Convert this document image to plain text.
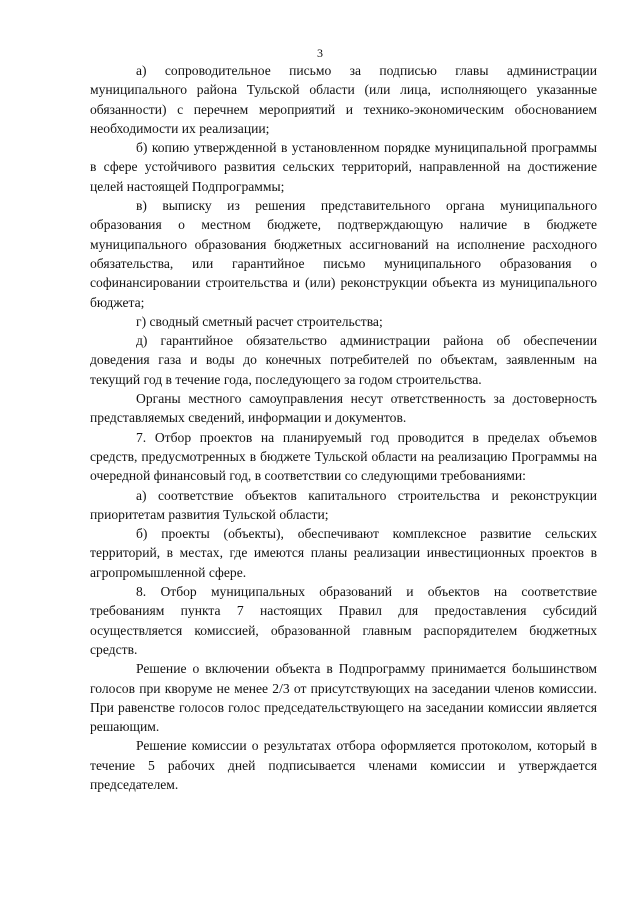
3

а) сопроводительное письмо за подписью главы администрации муниципального района Тульской области (или лица, исполняющего указанные обязанности) с перечнем мероприятий и технико-экономическим обоснованием необходимости их реализации;

б) копию утвержденной в установленном порядке муниципальной программы в сфере устойчивого развития сельских территорий, направленной на достижение целей настоящей Подпрограммы;

в) выписку из решения представительного органа муниципального образования о местном бюджете, подтверждающую наличие в бюджете муниципального образования бюджетных ассигнований на исполнение расходного обязательства, или гарантийное письмо муниципального образования о софинансировании строительства и (или) реконструкции объекта из муниципального бюджета;

г) сводный сметный расчет строительства;

д) гарантийное обязательство администрации района об обеспечении доведения газа и воды до конечных потребителей по объектам, заявленным на текущий год в течение года, последующего за годом строительства.

Органы местного самоуправления несут ответственность за достоверность представляемых сведений, информации и документов.

7. Отбор проектов на планируемый год проводится в пределах объемов средств, предусмотренных в бюджете Тульской области на реализацию Программы на очередной финансовый год, в соответствии со следующими требованиями:

а) соответствие объектов капитального строительства и реконструкции приоритетам развития Тульской области;

б) проекты (объекты), обеспечивают комплексное развитие сельских территорий, в местах, где имеются планы реализации инвестиционных проектов в агропромышленной сфере.

8. Отбор муниципальных образований и объектов на соответствие требованиям пункта 7 настоящих Правил для предоставления субсидий осуществляется комиссией, образованной главным распорядителем бюджетных средств.

Решение о включении объекта в Подпрограмму принимается большинством голосов при кворуме не менее 2/3 от присутствующих на заседании членов комиссии. При равенстве голосов голос председательствующего на заседании комиссии является решающим.

Решение комиссии о результатах отбора оформляется протоколом, который в течение 5 рабочих дней подписывается членами комиссии и утверждается председателем.
